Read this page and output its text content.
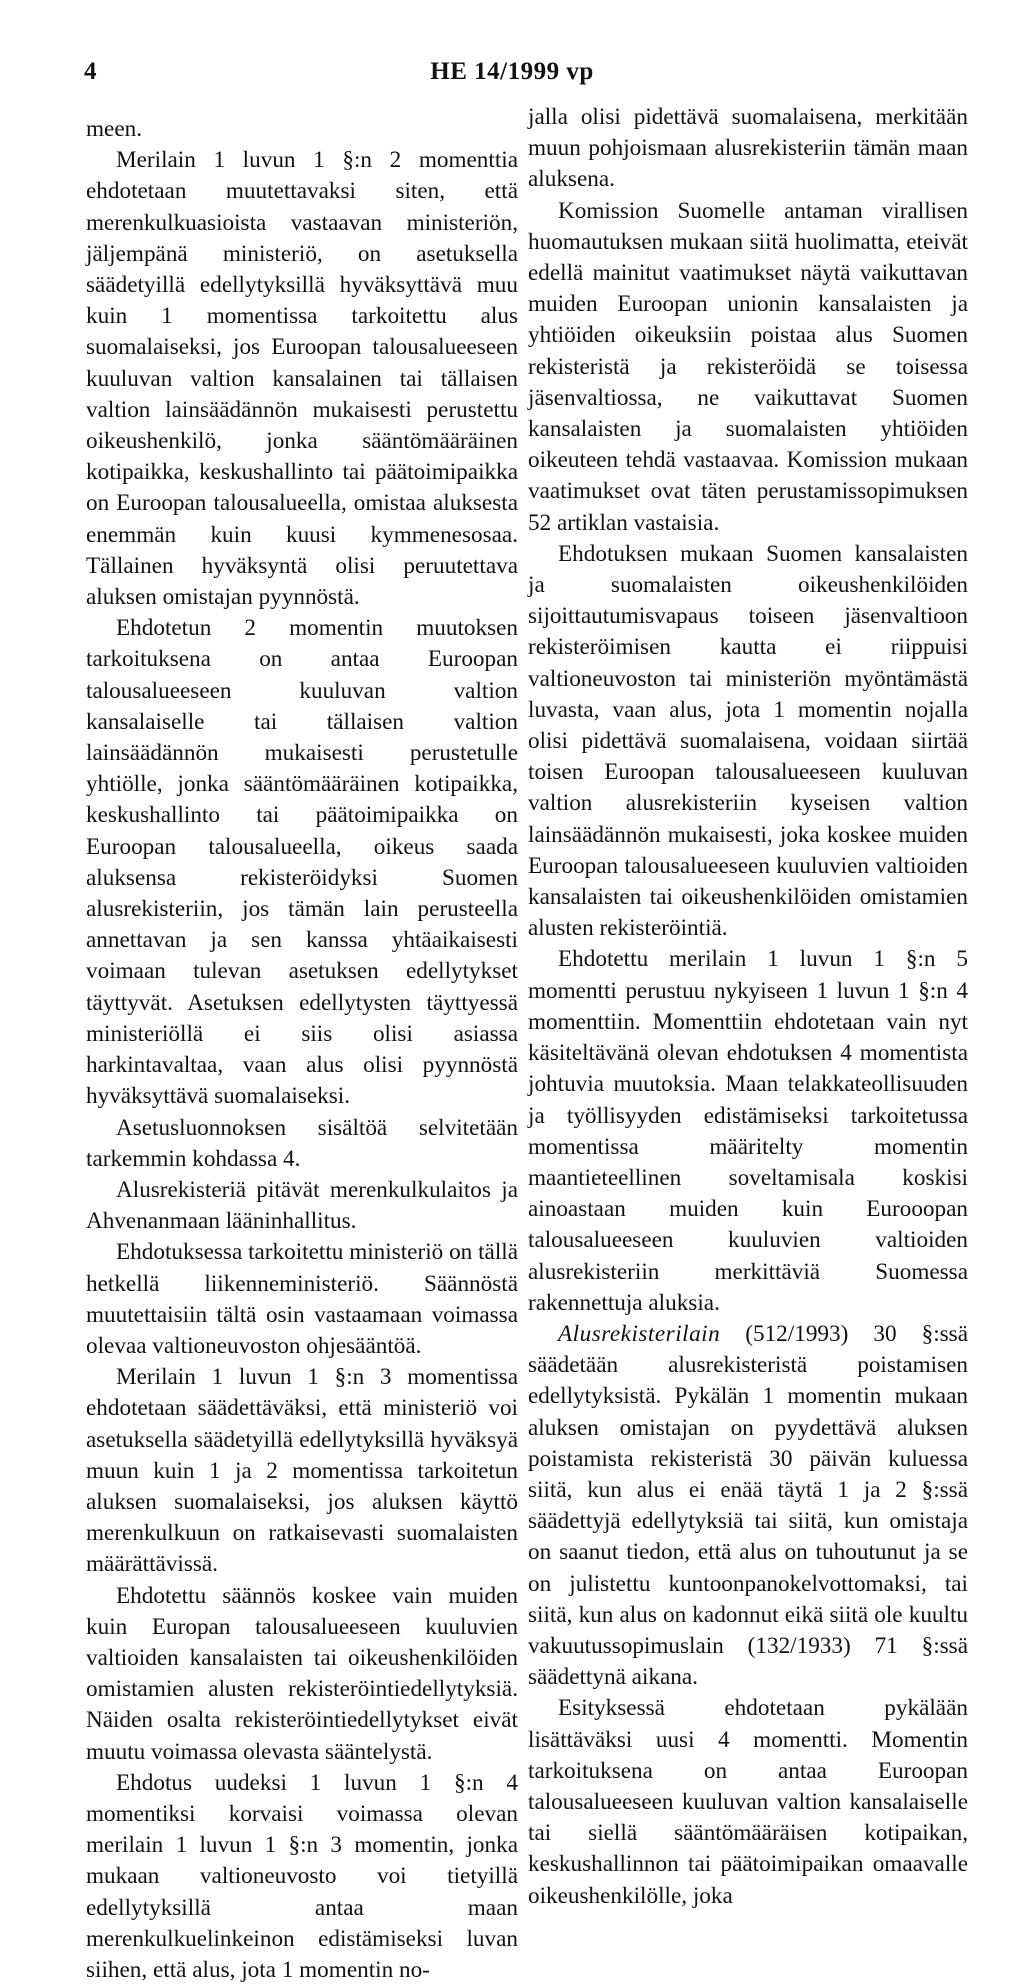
4	HE 14/1999 vp

meen.

Merilain 1 luvun 1 §:n 2 momenttia ehdotetaan muutettavaksi siten, että merenkulkuasioista vastaavan ministeriön, jäljempänä ministeriö, on asetuksella säädetyillä edellytyksillä hyväksyttävä muu kuin 1 momentissa tarkoitettu alus suomalaiseksi, jos Euroopan talousalueeseen kuuluvan valtion kansalainen tai tällaisen valtion lainsäädännön mukaisesti perustettu oikeushenkilö, jonka sääntömääräinen kotipaikka, keskushallinto tai päätoimipaikka on Euroopan talousalueella, omistaa aluksesta enemmän kuin kuusi kymmenesosaa. Tällainen hyväksyntä olisi peruutettava aluksen omistajan pyynnöstä.

Ehdotetun 2 momentin muutoksen tarkoituksena on antaa Euroopan talousalueeseen kuuluvan valtion kansalaiselle tai tällaisen valtion lainsäädännön mukaisesti perustetulle yhtiölle, jonka sääntömääräinen kotipaikka, keskushallinto tai päätoimipaikka on Euroopan talousalueella, oikeus saada aluksensa rekisteröidyksi Suomen alusrekisteriin, jos tämän lain perusteella annettavan ja sen kanssa yhtäaikaisesti voimaan tulevan asetuksen edellytykset täyttyvät. Asetuksen edellytysten täyttyessä ministeriöllä ei siis olisi asiassa harkintavaltaa, vaan alus olisi pyynnöstä hyväksyttävä suomalaiseksi.

Asetusluonnoksen sisältöä selvitetään tarkemmin kohdassa 4.

Alusrekisteriä pitävät merenkulkulaitos ja Ahvenanmaan lääninhallitus.

Ehdotuksessa tarkoitettu ministeriö on tällä hetkellä liikenneministeriö. Säännöstä muutettaisiin tältä osin vastaamaan voimassa olevaa valtioneuvoston ohjesääntöä.

Merilain 1 luvun 1 §:n 3 momentissa ehdotetaan säädettäväksi, että ministeriö voi asetuksella säädetyillä edellytyksillä hyväksyä muun kuin 1 ja 2 momentissa tarkoitetun aluksen suomalaiseksi, jos aluksen käyttö merenkulkuun on ratkaisevasti suomalaisten määrättävissä.

Ehdotettu säännös koskee vain muiden kuin Europan talousalueeseen kuuluvien valtioiden kansalaisten tai oikeushenkilöiden omistamien alusten rekisteröintiedellytyksiä. Näiden osalta rekisteröintiedellytykset eivät muutu voimassa olevasta sääntelystä.

Ehdotus uudeksi 1 luvun 1 §:n 4 momentiksi korvaisi voimassa olevan merilain 1 luvun 1 §:n 3 momentin, jonka mukaan valtioneuvosto voi tietyillä edellytyksillä antaa maan merenkulkuelinkeinon edistämiseksi luvan siihen, että alus, jota 1 momentin no-

jalla olisi pidettävä suomalaisena, merkitään muun pohjoismaan alusrekisteriin tämän maan aluksena.

Komission Suomelle antaman virallisen huomautuksen mukaan siitä huolimatta, eteivät edellä mainitut vaatimukset näytä vaikuttavan muiden Euroopan unionin kansalaisten ja yhtiöiden oikeuksiin poistaa alus Suomen rekisteristä ja rekisteröidä se toisessa jäsenvaltiossa, ne vaikuttavat Suomen kansalaisten ja suomalaisten yhtiöiden oikeuteen tehdä vastaavaa. Komission mukaan vaatimukset ovat täten perustamissopimuksen 52 artiklan vastaisia.

Ehdotuksen mukaan Suomen kansalaisten ja suomalaisten oikeushenkilöiden sijoittautumisvapaus toiseen jäsenvaltioon rekisteröimisen kautta ei riippuisi valtioneuvoston tai ministeriön myöntämästä luvasta, vaan alus, jota 1 momentin nojalla olisi pidettävä suomalaisena, voidaan siirtää toisen Euroopan talousalueeseen kuuluvan valtion alusrekisteriin kyseisen valtion lainsäädännön mukaisesti, joka koskee muiden Euroopan talousalueeseen kuuluvien valtioiden kansalaisten tai oikeushenkilöiden omistamien alusten rekisteröintiä.

Ehdotettu merilain 1 luvun 1 §:n 5 momentti perustuu nykyiseen 1 luvun 1 §:n 4 momenttiin. Momenttiin ehdotetaan vain nyt käsiteltävänä olevan ehdotuksen 4 momentista johtuvia muutoksia. Maan telakkateollisuuden ja työllisyyden edistämiseksi tarkoitetussa momentissa määritelty momentin maantieteellinen soveltamisala koskisi ainoastaan muiden kuin Eurooopan talousalueeseen kuuluvien valtioiden alusrekisteriin merkittäviä Suomessa rakennettuja aluksia.

Alusrekisterilain (512/1993) 30 §:ssä säädetään alusrekisteristä poistamisen edellytyksistä. Pykälän 1 momentin mukaan aluksen omistajan on pyydettävä aluksen poistamista rekisteristä 30 päivän kuluessa siitä, kun alus ei enää täytä 1 ja 2 §:ssä säädettyjä edellytyksiä tai siitä, kun omistaja on saanut tiedon, että alus on tuhoutunut ja se on julistettu kuntoonpanokelvottomaksi, tai siitä, kun alus on kadonnut eikä siitä ole kuultu vakuutussopimuslain (132/1933) 71 §:ssä säädettynä aikana.

Esityksessä ehdotetaan pykälään lisättäväksi uusi 4 momentti. Momentin tarkoituksena on antaa Euroopan talousalueeseen kuuluvan valtion kansalaiselle tai siellä sääntömääräisen kotipaikan, keskushallinnon tai päätoimipaikan omaavalle oikeushenkilölle, joka
